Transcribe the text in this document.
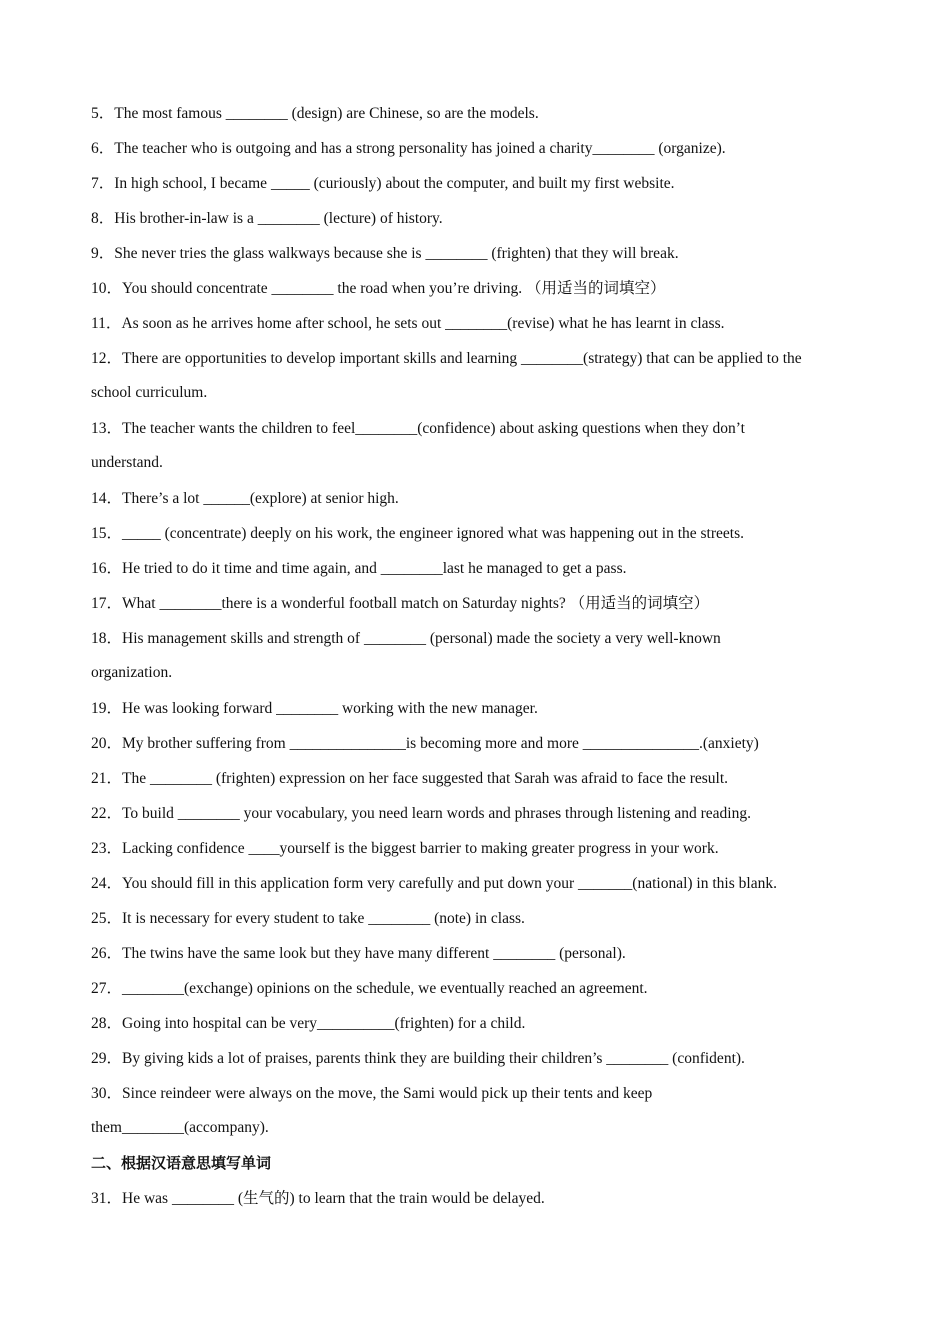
5．The most famous ________ (design) are Chinese, so are the models.
6．The teacher who is outgoing and has a strong personality has joined a charity________ (organize).
7．In high school, I became _____ (curiously) about the computer, and built my first website.
8．His brother-in-law is a ________ (lecture) of history.
9．She never tries the glass walkways because she is ________ (frighten) that they will break.
10．You should concentrate ________ the road when you’re driving. （用适当的词填空）
11．As soon as he arrives home after school, he sets out ________(revise) what he has learnt in class.
12．There are opportunities to develop important skills and learning ________(strategy) that can be applied to the
school curriculum.
13．The teacher wants the children to feel________(confidence) about asking questions when they don’t
understand.
14．There’s a lot ______(explore) at senior high.
15．_____ (concentrate) deeply on his work, the engineer ignored what was happening out in the streets.
16．He tried to do it time and time again, and ________last he managed to get a pass.
17．What ________there is a wonderful football match on Saturday nights? （用适当的词填空）
18．His management skills and strength of ________ (personal) made the society a very well-known
organization.
19．He was looking forward ________ working with the new manager.
20．My brother suffering from _______________is becoming more and more _______________.(anxiety)
21．The ________ (frighten) expression on her face suggested that Sarah was afraid to face the result.
22．To build ________ your vocabulary, you need learn words and phrases through listening and reading.
23．Lacking confidence ____yourself is the biggest barrier to making greater progress in your work.
24．You should fill in this application form very carefully and put down your _______(national) in this blank.
25．It is necessary for every student to take ________ (note) in class.
26．The twins have the same look but they have many different ________ (personal).
27．________(exchange) opinions on the schedule, we eventually reached an agreement.
28．Going into hospital can be very__________(frighten) for a child.
29．By giving kids a lot of praises, parents think they are building their children’s ________ (confident).
30．Since reindeer were always on the move, the Sami would pick up their tents and keep
them________(accompany).
二、根据汉语意思填写单词
31．He was ________ (生气的) to learn that the train would be delayed.
